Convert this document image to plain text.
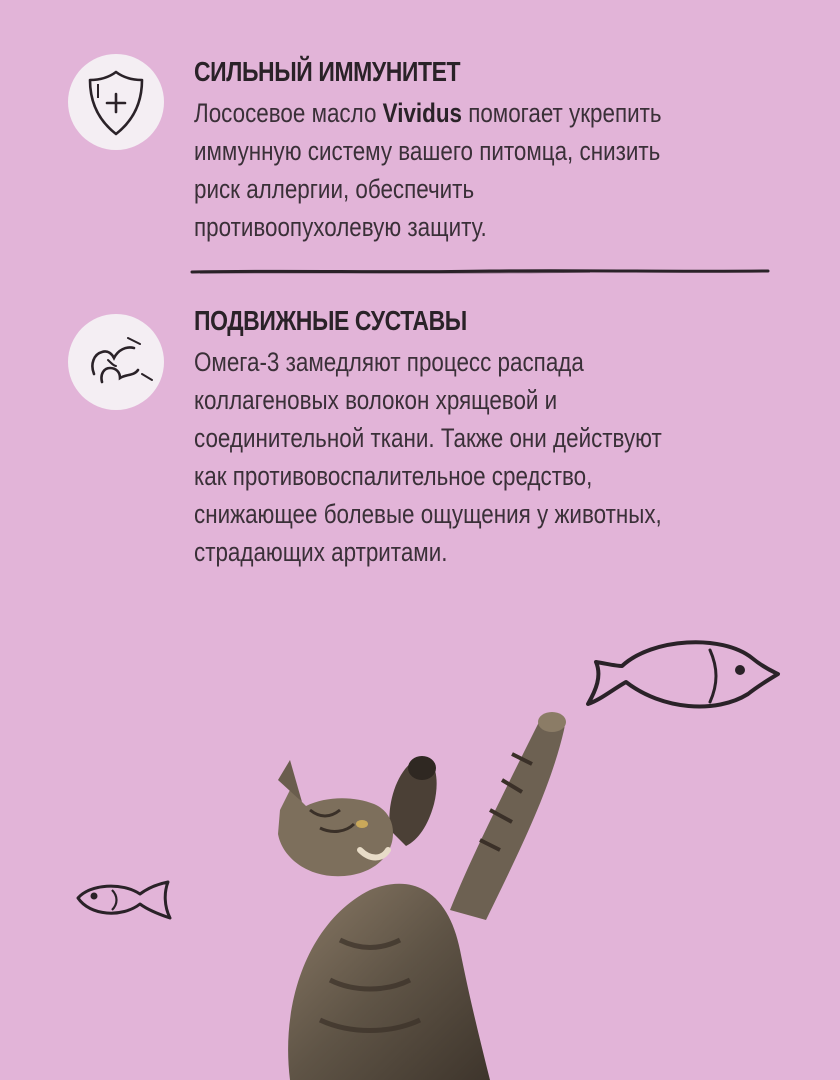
СИЛЬНЫЙ ИММУНИТЕТ
Лососевое масло Vividus помогает укрепить
иммунную систему вашего питомца, снизить
риск аллергии, обеспечить
противоопухолевую защиту.
ПОДВИЖНЫЕ СУСТАВЫ
Омега-3 замедляют процесс распада
коллагеновых волокон хрящевой и
соединительной ткани. Также они действуют
как противовоспалительное средство,
снижающее болевые ощущения у животных,
страдающих артритами.
